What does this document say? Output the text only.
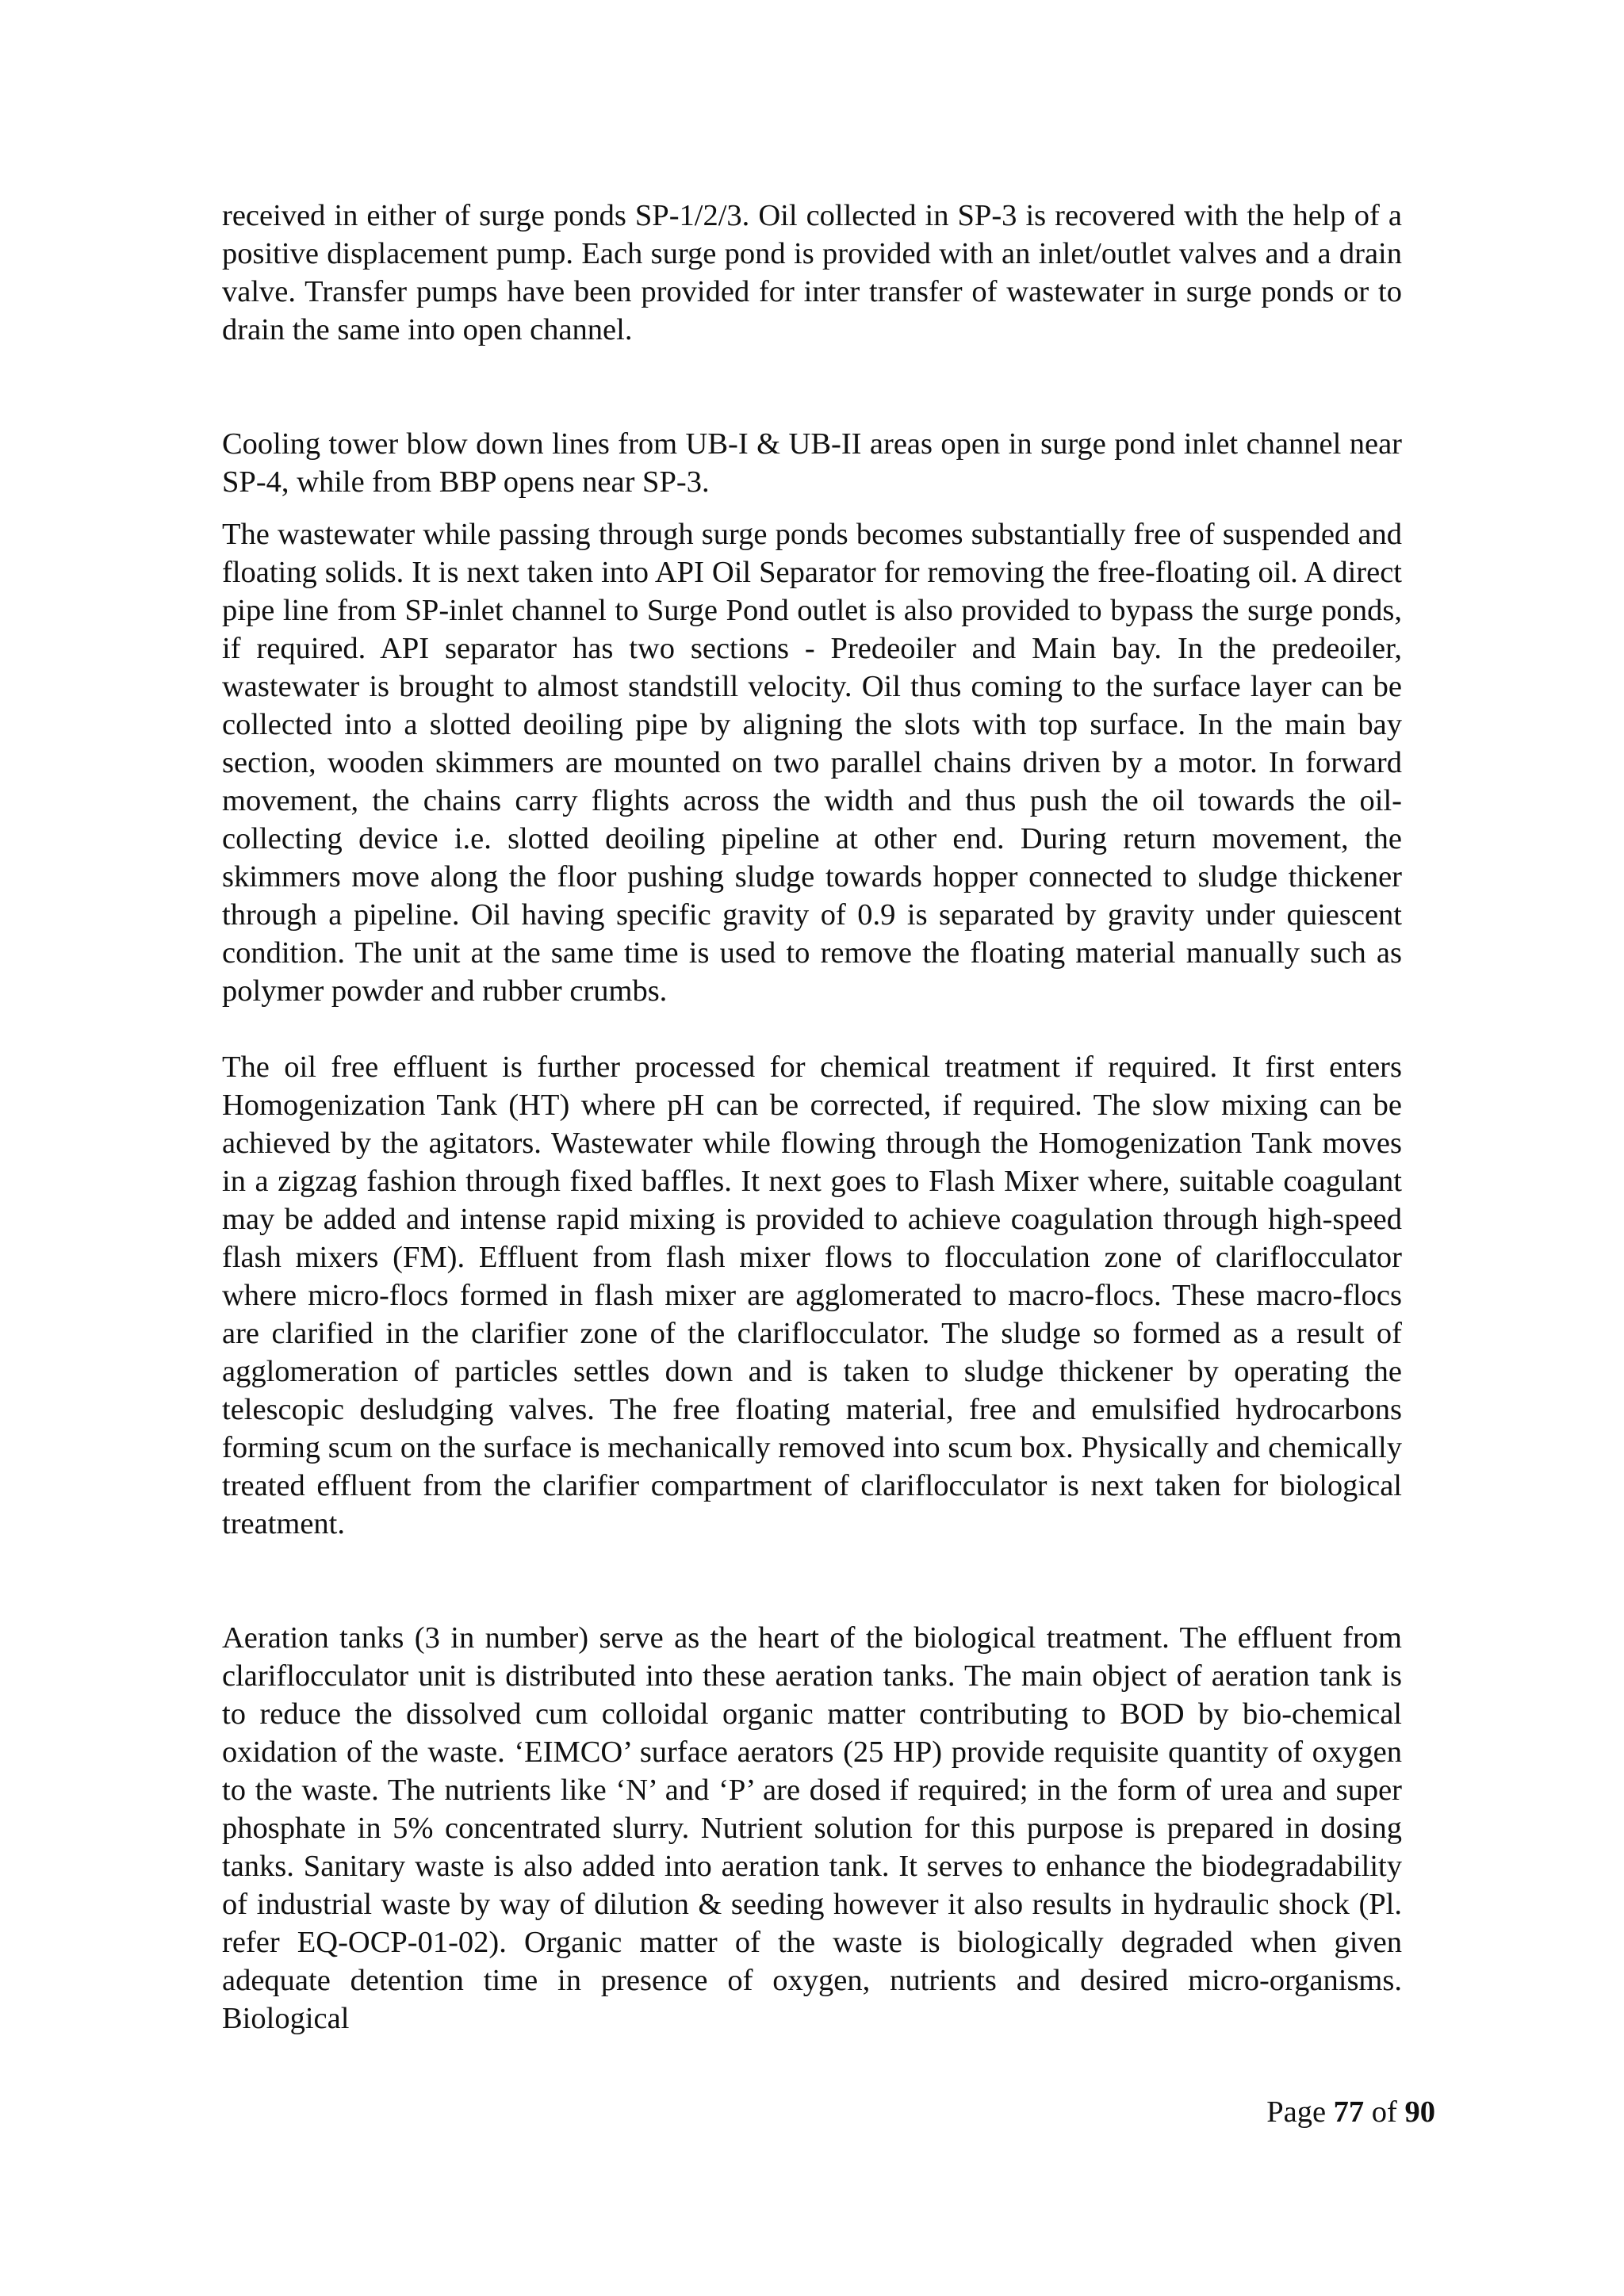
received in either of surge ponds SP-1/2/3. Oil collected in SP-3 is recovered with the help of a positive displacement pump. Each surge pond is provided with an inlet/outlet valves and a drain valve. Transfer pumps have been provided for inter transfer of wastewater in surge ponds or to drain the same into open channel.

Cooling tower blow down lines from UB-I & UB-II areas open in surge pond inlet channel near SP-4, while from BBP opens near SP-3.

The wastewater while passing through surge ponds becomes substantially free of suspended and floating solids. It is next taken into API Oil Separator for removing the free-floating oil. A direct pipe line from SP-inlet channel to Surge Pond outlet is also provided to bypass the surge ponds, if required. API separator has two sections - Predeoiler and Main bay. In the predeoiler, wastewater is brought to almost standstill velocity. Oil thus coming to the surface layer can be collected into a slotted deoiling pipe by aligning the slots with top surface. In the main bay section, wooden skimmers are mounted on two parallel chains driven by a motor. In forward movement, the chains carry flights across the width and thus push the oil towards the oil-collecting device i.e. slotted deoiling pipeline at other end. During return movement, the skimmers move along the floor pushing sludge towards hopper connected to sludge thickener through a pipeline. Oil having specific gravity of 0.9 is separated by gravity under quiescent condition. The unit at the same time is used to remove the floating material manually such as polymer powder and rubber crumbs.

The oil free effluent is further processed for chemical treatment if required. It first enters Homogenization Tank (HT) where pH can be corrected, if required. The slow mixing can be achieved by the agitators. Wastewater while flowing through the Homogenization Tank moves in a zigzag fashion through fixed baffles. It next goes to Flash Mixer where, suitable coagulant may be added and intense rapid mixing is provided to achieve coagulation through high-speed flash mixers (FM). Effluent from flash mixer flows to flocculation zone of clariflocculator where micro-flocs formed in flash mixer are agglomerated to macro-flocs. These macro-flocs are clarified in the clarifier zone of the clariflocculator. The sludge so formed as a result of agglomeration of particles settles down and is taken to sludge thickener by operating the telescopic desludging valves. The free floating material, free and emulsified hydrocarbons forming scum on the surface is mechanically removed into scum box. Physically and chemically treated effluent from the clarifier compartment of clariflocculator is next taken for biological treatment.

Aeration tanks (3 in number) serve as the heart of the biological treatment. The effluent from clariflocculator unit is distributed into these aeration tanks. The main object of aeration tank is to reduce the dissolved cum colloidal organic matter contributing to BOD by bio-chemical oxidation of the waste. ‘EIMCO’ surface aerators (25 HP) provide requisite quantity of oxygen to the waste. The nutrients like ‘N’ and ‘P’ are dosed if required; in the form of urea and super phosphate in 5% concentrated slurry. Nutrient solution for this purpose is prepared in dosing tanks. Sanitary waste is also added into aeration tank. It serves to enhance the biodegradability of industrial waste by way of dilution & seeding however it also results in hydraulic shock (Pl. refer EQ-OCP-01-02). Organic matter of the waste is biologically degraded when given adequate detention time in presence of oxygen, nutrients and desired micro-organisms. Biological

Page 77 of 90
